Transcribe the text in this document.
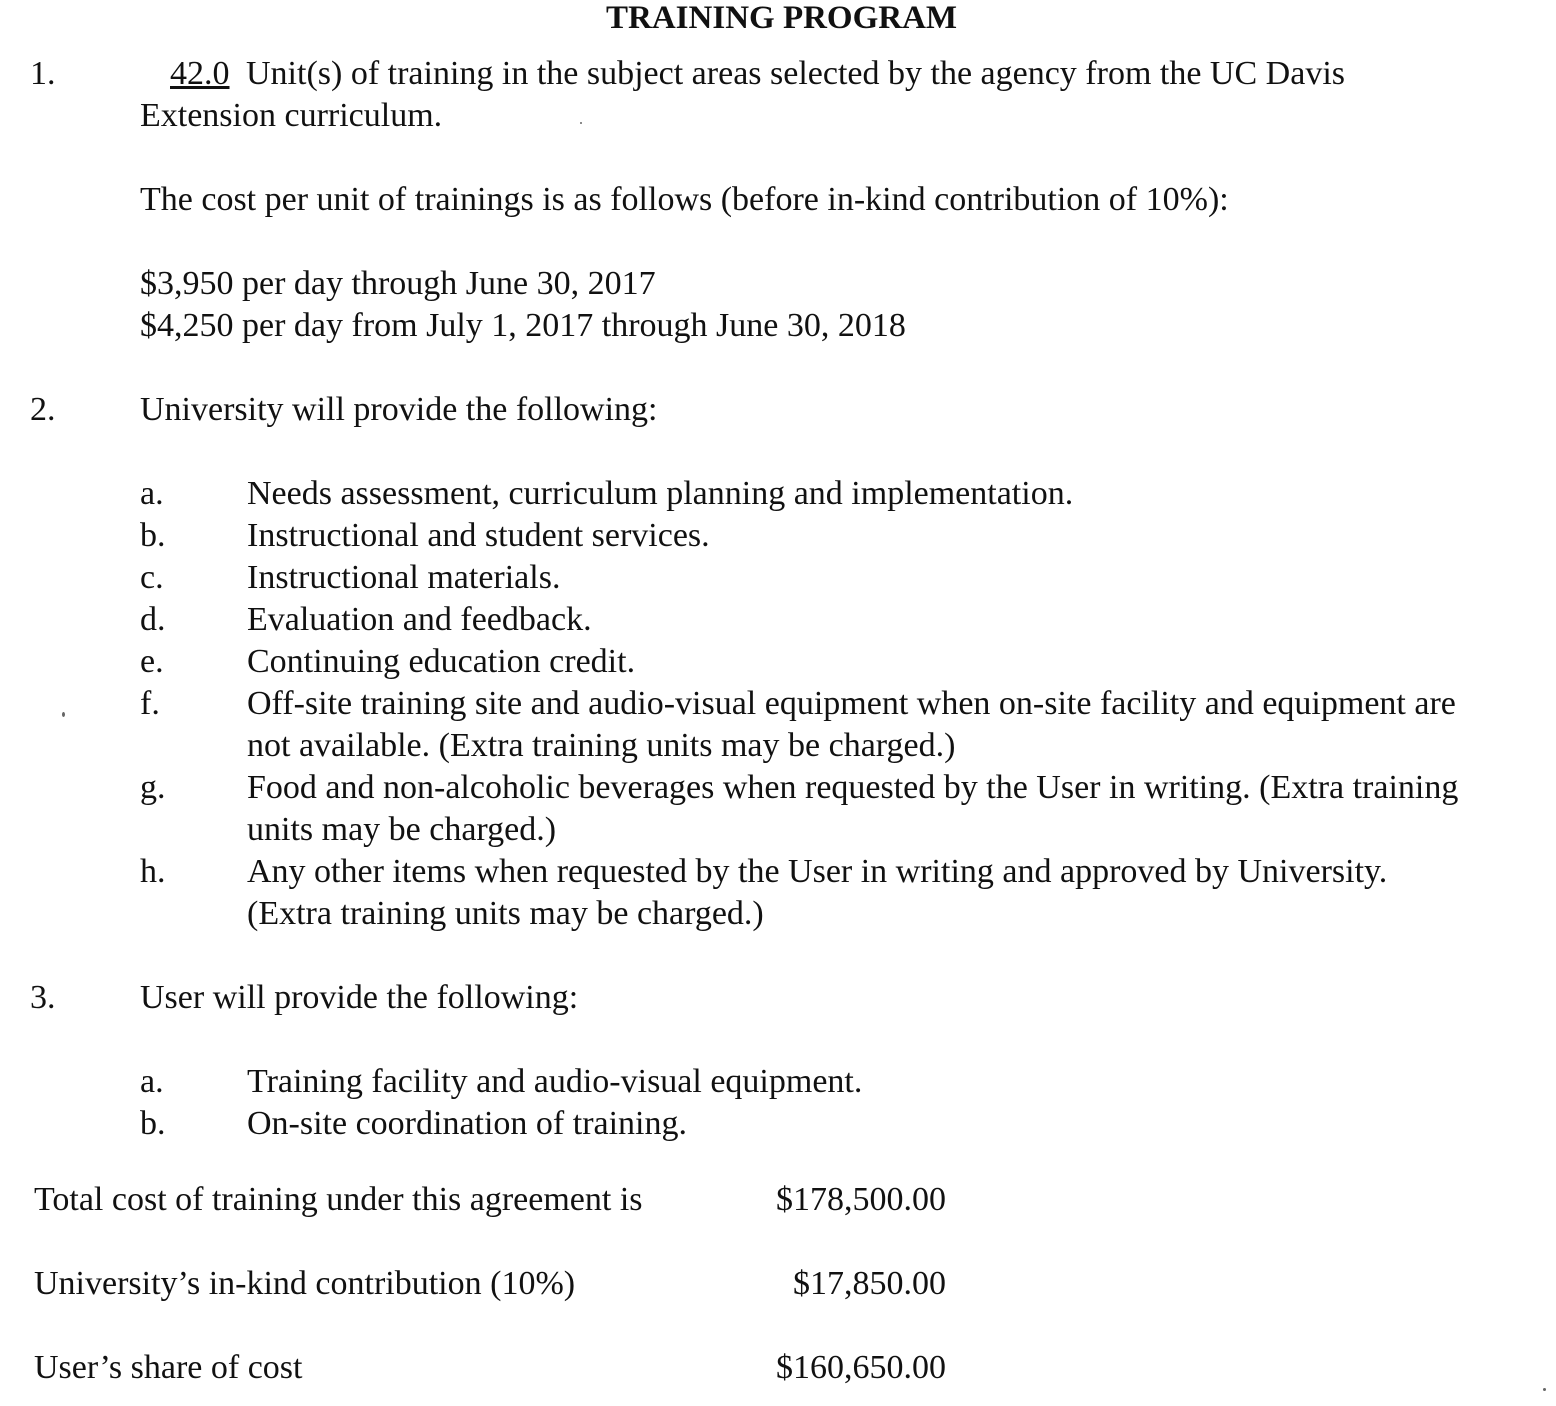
TRAINING PROGRAM
1.	42.0 Unit(s) of training in the subject areas selected by the agency from the UC Davis
Extension curriculum.
The cost per unit of trainings is as follows (before in-kind contribution of 10%):
$3,950 per day through June 30, 2017
$4,250 per day from July 1, 2017 through June 30, 2018
2. University will provide the following:
a. Needs assessment, curriculum planning and implementation.
b. Instructional and student services.
c. Instructional materials.
d. Evaluation and feedback.
e. Continuing education credit.
f.	Off-site training site and audio-visual equipment when on-site facility and equipment are
not available. (Extra training units may be charged.)
g. Food and non-alcoholic beverages when requested by the User in writing. (Extra training
units may be charged.)
h. Any other items when requested by the User in writing and approved by University.
(Extra training units may be charged.)
3. User will provide the following:
a. Training facility and audio-visual equipment.
b. On-site coordination of training.
Total cost of training under this agreement is	$178,500.00
University’s in-kind contribution (10%)	$17,850.00
User’s share of cost	$160,650.00
